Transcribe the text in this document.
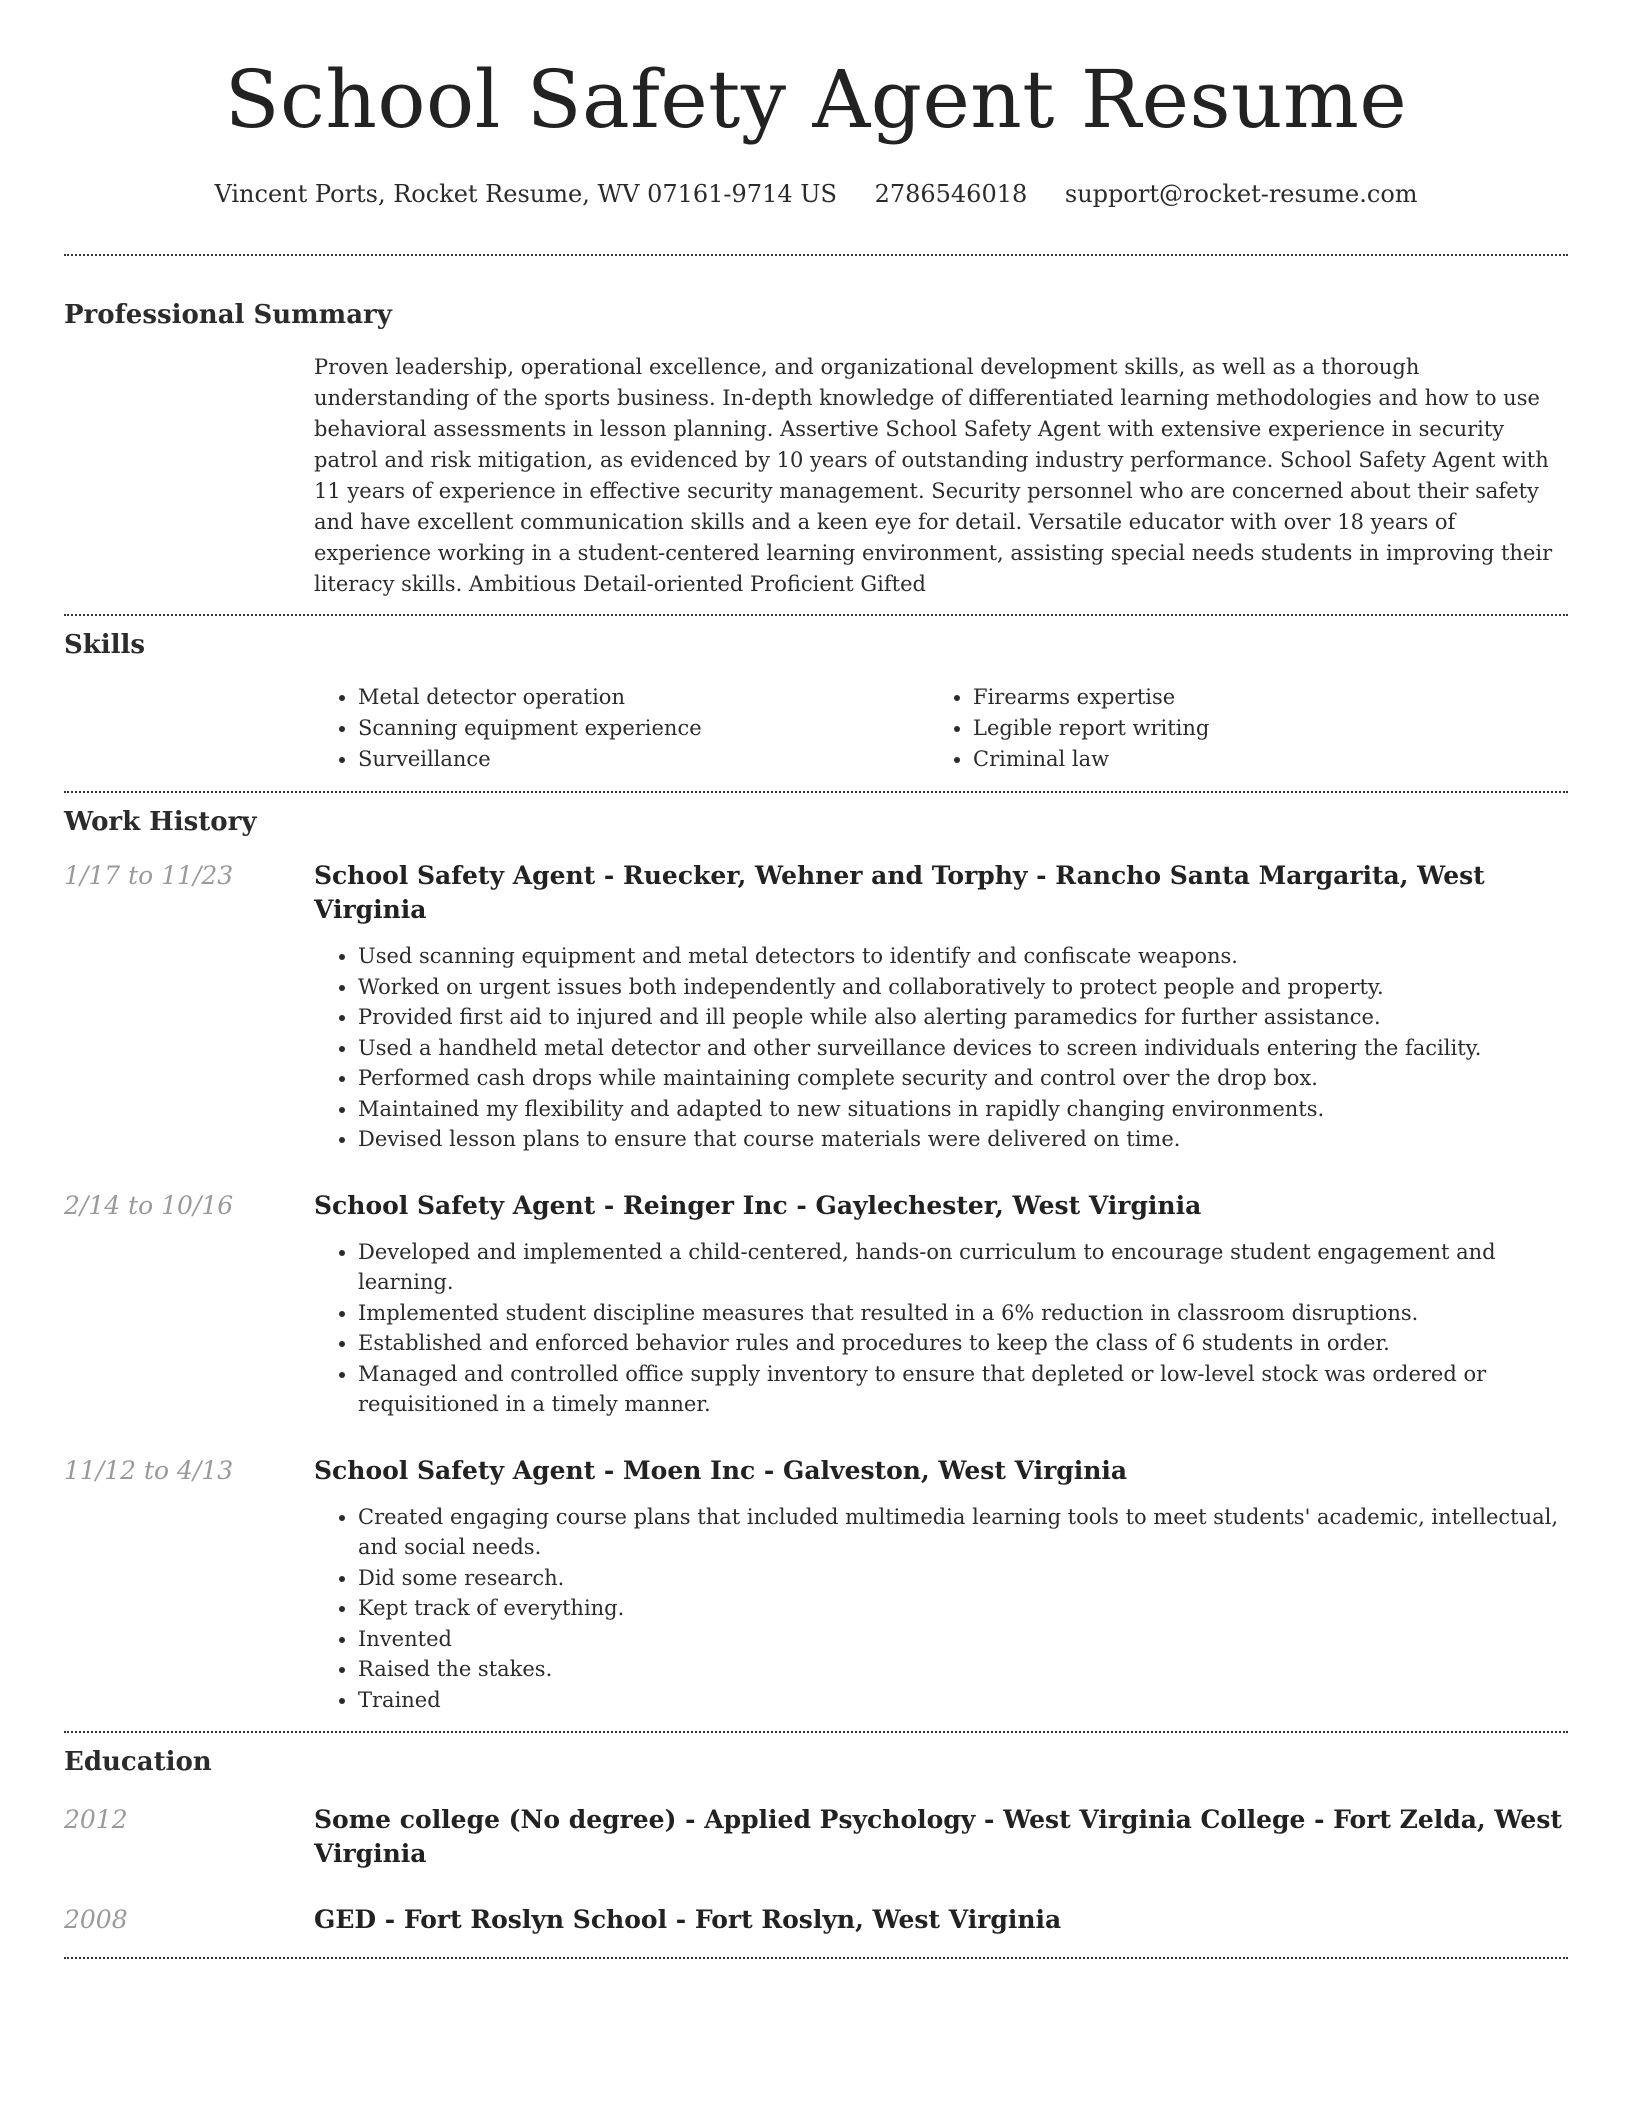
School Safety Agent Resume
Vincent Ports, Rocket Resume, WV 07161-9714 US 2786546018 support@rocket-resume.com
Professional Summary

Proven leadership, operational excellence, and organizational development skills, as well as a thorough understanding of the sports business. In-depth knowledge of differentiated learning methodologies and how to use behavioral assessments in lesson planning. Assertive School Safety Agent with extensive experience in security patrol and risk mitigation, as evidenced by 10 years of outstanding industry performance. School Safety Agent with 11 years of experience in effective security management. Security personnel who are concerned about their safety and have excellent communication skills and a keen eye for detail. Versatile educator with over 18 years of experience working in a student-centered learning environment, assisting special needs students in improving their literacy skills. Ambitious Detail-oriented Proficient Gifted

Skills
• Metal detector operation
• Scanning equipment experience
• Surveillance
• Firearms expertise
• Legible report writing
• Criminal law
Work History
1/17 to 11/23	School Safety Agent - Ruecker, Wehner and Torphy - Rancho Santa Margarita, West Virginia
• Used scanning equipment and metal detectors to identify and confiscate weapons.
• Worked on urgent issues both independently and collaboratively to protect people and property.
• Provided first aid to injured and ill people while also alerting paramedics for further assistance.
• Used a handheld metal detector and other surveillance devices to screen individuals entering the facility.
• Performed cash drops while maintaining complete security and control over the drop box.
• Maintained my flexibility and adapted to new situations in rapidly changing environments.
• Devised lesson plans to ensure that course materials were delivered on time.
2/14 to 10/16	School Safety Agent - Reinger Inc - Gaylechester, West Virginia
• Developed and implemented a child-centered, hands-on curriculum to encourage student engagement and learning.
• Implemented student discipline measures that resulted in a 6% reduction in classroom disruptions.
• Established and enforced behavior rules and procedures to keep the class of 6 students in order.
• Managed and controlled office supply inventory to ensure that depleted or low-level stock was ordered or requisitioned in a timely manner.
11/12 to 4/13	School Safety Agent - Moen Inc - Galveston, West Virginia
• Created engaging course plans that included multimedia learning tools to meet students' academic, intellectual, and social needs.
• Did some research.
• Kept track of everything.
• Invented
• Raised the stakes.
• Trained
Education
2012	Some college (No degree) - Applied Psychology - West Virginia College - Fort Zelda, West Virginia
2008	GED - Fort Roslyn School - Fort Roslyn, West Virginia
